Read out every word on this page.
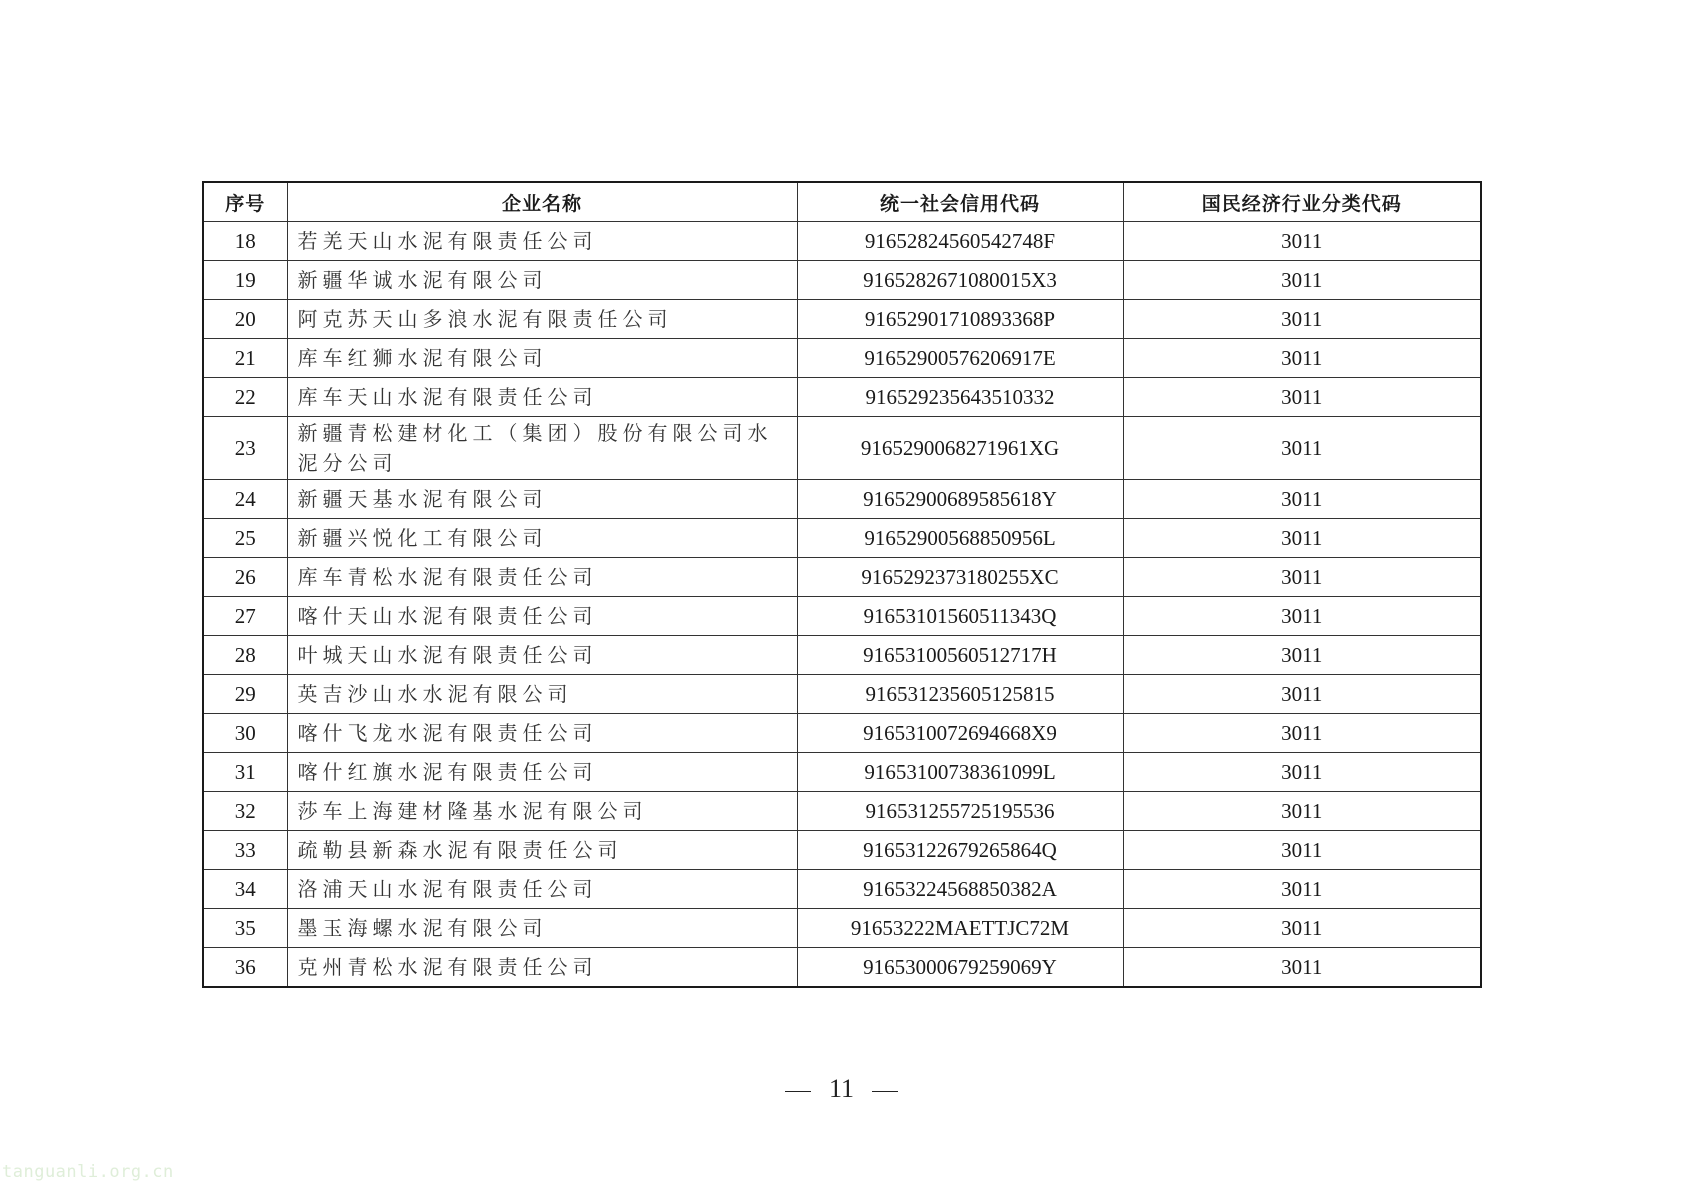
序号	企业名称	统一社会信用代码	国民经济行业分类代码
18	若羌天山水泥有限责任公司	91652824560542748F	3011
19	新疆华诚水泥有限公司	9165282671080015X3	3011
20	阿克苏天山多浪水泥有限责任公司	91652901710893368P	3011
21	库车红狮水泥有限公司	91652900576206917E	3011
22	库车天山水泥有限责任公司	916529235643510332	3011
23	新疆青松建材化工（集团）股份有限公司水泥分公司	9165290068271961XG	3011
24	新疆天基水泥有限公司	91652900689585618Y	3011
25	新疆兴悦化工有限公司	91652900568850956L	3011
26	库车青松水泥有限责任公司	9165292373180255XC	3011
27	喀什天山水泥有限责任公司	91653101560511343Q	3011
28	叶城天山水泥有限责任公司	91653100560512717H	3011
29	英吉沙山水水泥有限公司	916531235605125815	3011
30	喀什飞龙水泥有限责任公司	9165310072694668X9	3011
31	喀什红旗水泥有限责任公司	91653100738361099L	3011
32	莎车上海建材隆基水泥有限公司	916531255725195536	3011
33	疏勒县新森水泥有限责任公司	91653122679265864Q	3011
34	洛浦天山水泥有限责任公司	91653224568850382A	3011
35	墨玉海螺水泥有限公司	91653222MAETTJC72M	3011
36	克州青松水泥有限责任公司	91653000679259069Y	3011
11
tanguanli.org.cn
